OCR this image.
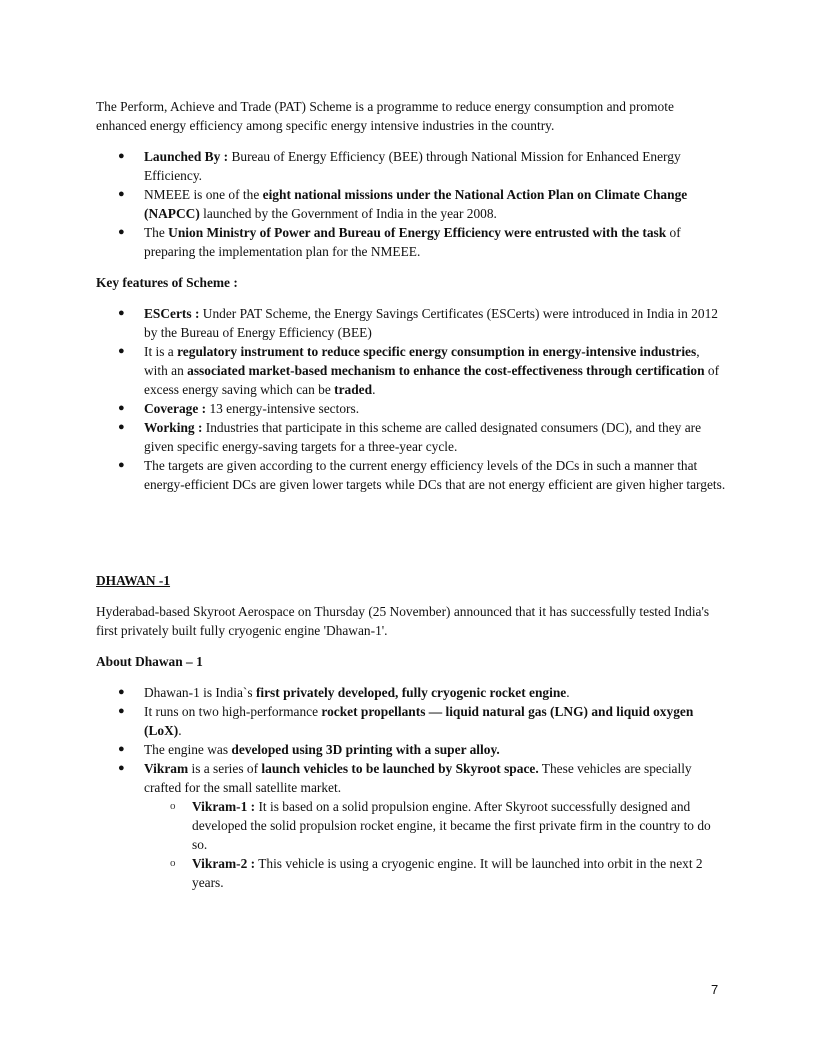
The Perform, Achieve and Trade (PAT) Scheme is a programme to reduce energy consumption and promote enhanced energy efficiency among specific energy intensive industries in the country.

● Launched By : Bureau of Energy Efficiency (BEE) through National Mission for Enhanced Energy Efficiency.
● NMEEE is one of the eight national missions under the National Action Plan on Climate Change (NAPCC) launched by the Government of India in the year 2008.
● The Union Ministry of Power and Bureau of Energy Efficiency were entrusted with the task of preparing the implementation plan for the NMEEE.

Key features of Scheme :

● ESCerts : Under PAT Scheme, the Energy Savings Certificates (ESCerts) were introduced in India in 2012 by the Bureau of Energy Efficiency (BEE)
● It is a regulatory instrument to reduce specific energy consumption in energy-intensive industries, with an associated market-based mechanism to enhance the cost-effectiveness through certification of excess energy saving which can be traded.
● Coverage : 13 energy-intensive sectors.
● Working : Industries that participate in this scheme are called designated consumers (DC), and they are given specific energy-saving targets for a three-year cycle.
● The targets are given according to the current energy efficiency levels of the DCs in such a manner that energy-efficient DCs are given lower targets while DCs that are not energy efficient are given higher targets.

DHAWAN -1

Hyderabad-based Skyroot Aerospace on Thursday (25 November) announced that it has successfully tested India's first privately built fully cryogenic engine 'Dhawan-1'.

About Dhawan – 1

● Dhawan-1 is India`s first privately developed, fully cryogenic rocket engine.
● It runs on two high-performance rocket propellants — liquid natural gas (LNG) and liquid oxygen (LoX).
● The engine was developed using 3D printing with a super alloy.
● Vikram is a series of launch vehicles to be launched by Skyroot space. These vehicles are specially crafted for the small satellite market.
o Vikram-1 : It is based on a solid propulsion engine. After Skyroot successfully designed and developed the solid propulsion rocket engine, it became the first private firm in the country to do so.
o Vikram-2 : This vehicle is using a cryogenic engine. It will be launched into orbit in the next 2 years.
7
